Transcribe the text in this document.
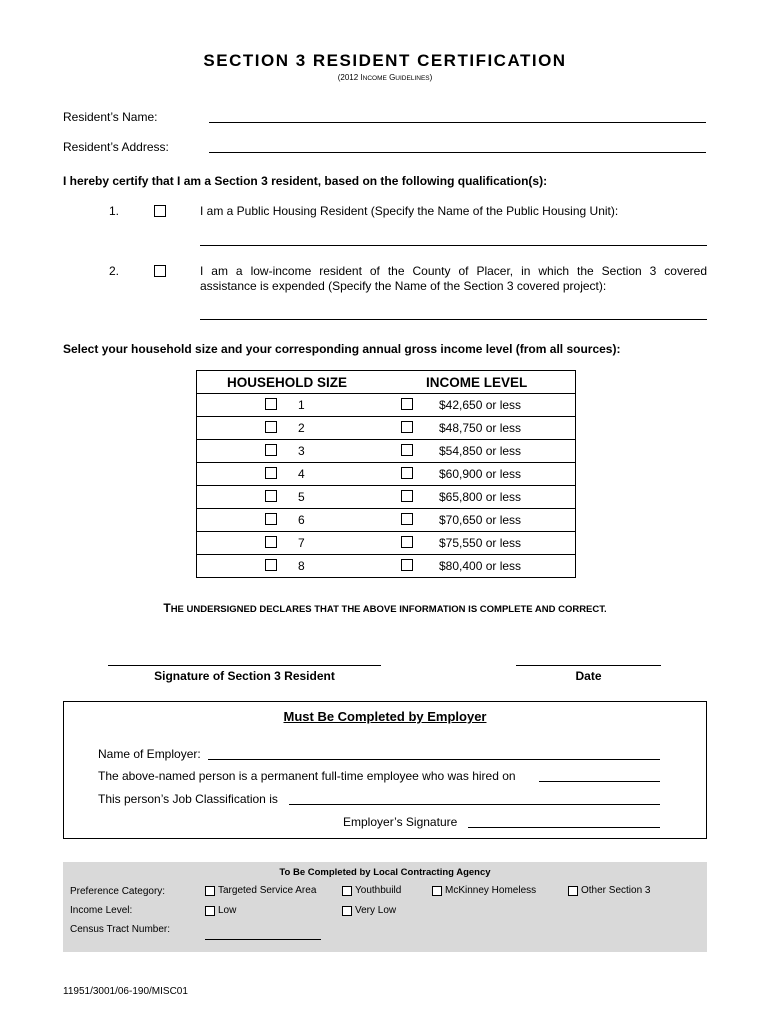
SECTION 3 RESIDENT CERTIFICATION
(2012 INCOME GUIDELINES)
Resident’s Name:
Resident’s Address:
I hereby certify that I am a Section 3 resident, based on the following qualification(s):
1.	I am a Public Housing Resident (Specify the Name of the Public Housing Unit):
2.	I am a low-income resident of the County of Placer, in which the Section 3 covered
assistance is expended (Specify the Name of the Section 3 covered project):
Select your household size and your corresponding annual gross income level (from all sources):
HOUSEHOLD SIZE	INCOME LEVEL
1	$42,650 or less
2	$48,750 or less
3	$54,850 or less
4	$60,900 or less
5	$65,800 or less
6	$70,650 or less
7	$75,550 or less
8	$80,400 or less
THE UNDERSIGNED DECLARES THAT THE ABOVE INFORMATION IS COMPLETE AND CORRECT.
Signature of Section 3 Resident	Date
Must Be Completed by Employer
Name of Employer:
The above-named person is a permanent full-time employee who was hired on
This person’s Job Classification is
Employer’s Signature
To Be Completed by Local Contracting Agency
Preference Category:	Targeted Service Area	Youthbuild	McKinney Homeless	Other Section 3
Income Level:	Low	Very Low
Census Tract Number:
11951/3001/06-190/MISC01
